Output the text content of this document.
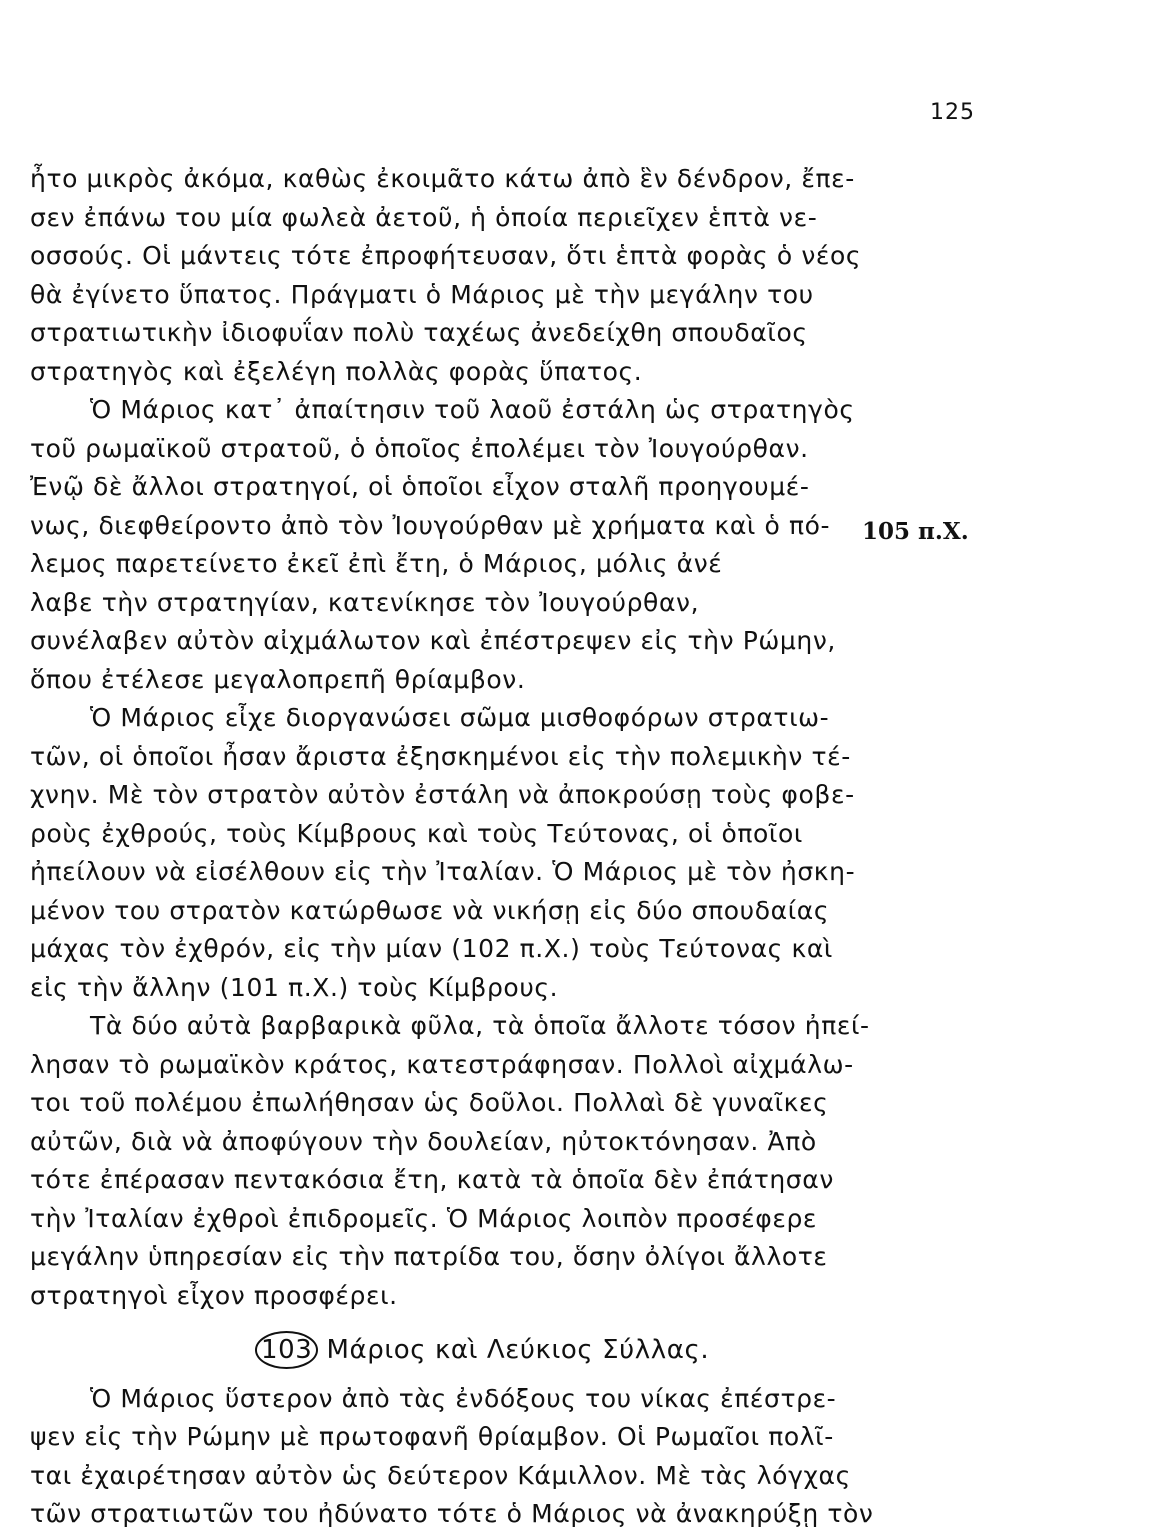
125
105 π.Χ.
ἦτο μικρὸς ἀκόμα, καθὼς ἐκοιμᾶτο κάτω ἀπὸ ἓν δένδρον, ἔπε-
σεν ἐπάνω του μία φωλεὰ ἀετοῦ, ἡ ὁποία περιεῖχεν ἑπτὰ νε-
οσσούς. Οἱ μάντεις τότε ἐπροφήτευσαν, ὅτι ἑπτὰ φορὰς ὁ νέος
θὰ ἐγίνετο ὕπατος. Πράγματι ὁ Μάριος μὲ τὴν μεγάλην του
στρατιωτικὴν ἰδιοφυΐαν πολὺ ταχέως ἀνεδείχθη σπουδαῖος
στρατηγὸς καὶ ἐξελέγη πολλὰς φορὰς ὕπατος.
Ὁ Μάριος κατ᾽ ἀπαίτησιν τοῦ λαοῦ ἐστάλη ὡς στρατηγὸς
τοῦ ρωμαϊκοῦ στρατοῦ, ὁ ὁποῖος ἐπολέμει τὸν Ἰουγούρθαν.
Ἐνῷ δὲ ἄλλοι στρατηγοί, οἱ ὁποῖοι εἶχον σταλῆ προηγουμέ-
νως, διεφθείροντο ἀπὸ τὸν Ἰουγούρθαν μὲ χρήματα καὶ ὁ πό-
λεμος παρετείνετο ἐκεῖ ἐπὶ ἔτη, ὁ Μάριος, μόλις ἀνέ
λαβε τὴν στρατηγίαν, κατενίκησε τὸν Ἰουγούρθαν,
συνέλαβεν αὐτὸν αἰχμάλωτον καὶ ἐπέστρεψεν εἰς τὴν Ρώμην,
ὅπου ἐτέλεσε μεγαλοπρεπῆ θρίαμβον.
Ὁ Μάριος εἶχε διοργανώσει σῶμα μισθοφόρων στρατιω-
τῶν, οἱ ὁποῖοι ἦσαν ἄριστα ἐξησκημένοι εἰς τὴν πολεμικὴν τέ-
χνην. Μὲ τὸν στρατὸν αὐτὸν ἐστάλη νὰ ἀποκρούσῃ τοὺς φοβε-
ροὺς ἐχθρούς, τοὺς Κίμβρους καὶ τοὺς Τεύτονας, οἱ ὁποῖοι
ἠπείλουν νὰ εἰσέλθουν εἰς τὴν Ἰταλίαν. Ὁ Μάριος μὲ τὸν ἠσκη-
μένον του στρατὸν κατώρθωσε νὰ νικήσῃ εἰς δύο σπουδαίας
μάχας τὸν ἐχθρόν, εἰς τὴν μίαν (102 π.Χ.) τοὺς Τεύτονας καὶ
εἰς τὴν ἄλλην (101 π.Χ.) τοὺς Κίμβρους.
Τὰ δύο αὐτὰ βαρβαρικὰ φῦλα, τὰ ὁποῖα ἄλλοτε τόσον ἠπεί-
λησαν τὸ ρωμαϊκὸν κράτος, κατεστράφησαν. Πολλοὶ αἰχμάλω-
τοι τοῦ πολέμου ἐπωλήθησαν ὡς δοῦλοι. Πολλαὶ δὲ γυναῖκες
αὐτῶν, διὰ νὰ ἀποφύγουν τὴν δουλείαν, ηὐτοκτόνησαν. Ἀπὸ
τότε ἐπέρασαν πεντακόσια ἔτη, κατὰ τὰ ὁποῖα δὲν ἐπάτησαν
τὴν Ἰταλίαν ἐχθροὶ ἐπιδρομεῖς. Ὁ Μάριος λοιπὸν προσέφερε
μεγάλην ὑπηρεσίαν εἰς τὴν πατρίδα του, ὅσην ὀλίγοι ἄλλοτε
στρατηγοὶ εἶχον προσφέρει.
103 Μάριος καὶ Λεύκιος Σύλλας.
Ὁ Μάριος ὕστερον ἀπὸ τὰς ἐνδόξους του νίκας ἐπέστρε-
ψεν εἰς τὴν Ρώμην μὲ πρωτοφανῆ θρίαμβον. Οἱ Ρωμαῖοι πολῖ-
ται ἐχαιρέτησαν αὐτὸν ὡς δεύτερον Κάμιλλον. Μὲ τὰς λόγχας
τῶν στρατιωτῶν του ἠδύνατο τότε ὁ Μάριος νὰ ἀνακηρύξῃ τὸν
